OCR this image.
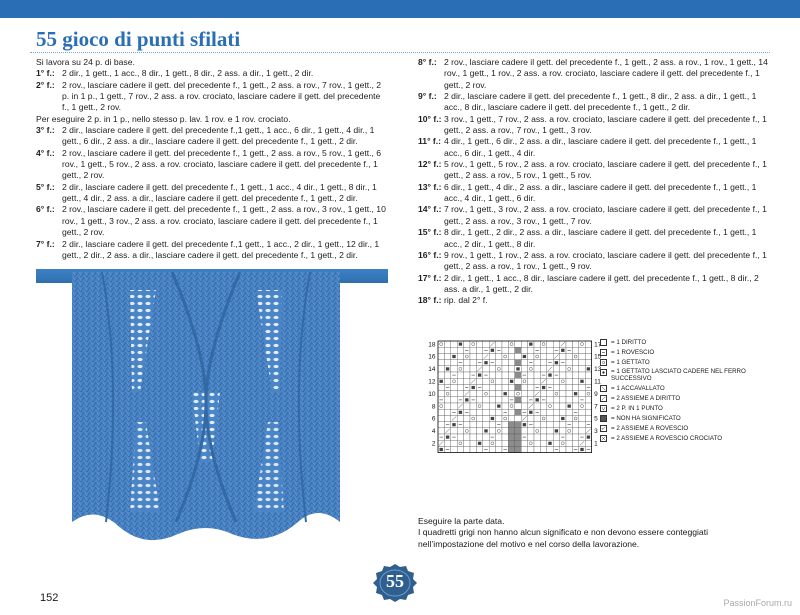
55 gioco di punti sfilati

Si lavora su 24 p. di base.

1° f.: 2 dir., 1 gett., 1 acc., 8 dir., 1 gett., 8 dir., 2 ass. a dir., 1 gett., 2 dir.

2° f.: 2 rov., lasciare cadere il gett. del precedente f., 1 gett., 2 ass. a rov., 7 rov., 1 gett., 2 p. in 1 p., 1 gett., 7 rov., 2 ass. a rov. crociato, lasciare cadere il gett. del precedente f., 1 gett., 2 rov.

Per eseguire 2 p. in 1 p., nello stesso p. lav. 1 rov. e 1 rov. crociato.

3° f.: 2 dir., lasciare cadere il gett. del precedente f.,1 gett., 1 acc., 6 dir., 1 gett., 4 dir., 1 gett., 6 dir., 2 ass. a dir., lasciare cadere il gett. del precedente f., 1 gett., 2 dir.

4° f.: 2 rov., lasciare cadere il gett. del precedente f., 1 gett., 2 ass. a rov., 5 rov., 1 gett., 6 rov., 1 gett., 5 rov., 2 ass. a rov. crociato, lasciare cadere il gett. del precedente f., 1 gett., 2 rov.

5° f.: 2 dir., lasciare cadere il gett. del precedente f., 1 gett., 1 acc., 4 dir., 1 gett., 8 dir., 1 gett., 4 dir., 2 ass. a dir., lasciare cadere il gett. del precedente f., 1 gett., 2 dir.

6° f.: 2 rov., lasciare cadere il gett. del precedente f., 1 gett., 2 ass. a rov., 3 rov., 1 gett., 10 rov., 1 gett., 3 rov., 2 ass. a rov. crociato, lasciare cadere il gett. del precedente f., 1 gett., 2 rov.

7° f.: 2 dir., lasciare cadere il gett. del precedente f.,1 gett., 1 acc., 2 dir., 1 gett., 12 dir., 1 gett., 2 dir., 2 ass. a dir., lasciare cadere il gett. del precedente f., 1 gett., 2 dir.

8° f.: 2 rov., lasciare cadere il gett. del precedente f., 1 gett., 2 ass. a rov., 1 rov., 1 gett., 14 rov., 1 gett., 1 rov., 2 ass. a rov. crociato, lasciare cadere il gett. del precedente f., 1 gett., 2 rov.

9° f.: 2 dir., lasciare cadere il gett. del precedente f., 1 gett., 8 dir., 2 ass. a dir., 1 gett., 1 acc., 8 dir., lasciare cadere il gett. del precedente f., 1 gett., 2 dir.

10° f.: 3 rov., 1 gett., 7 rov., 2 ass. a rov. crociato, lasciare cadere il gett. del precedente f., 1 gett., 2 ass. a rov., 7 rov., 1 gett., 3 rov.

11° f.: 4 dir., 1 gett., 6 dir., 2 ass. a dir., lasciare cadere il gett. del precedente f., 1 gett., 1 acc., 6 dir., 1 gett., 4 dir.

12° f.: 5 rov., 1 gett., 5 rov., 2 ass. a rov. crociato, lasciare cadere il gett. del precedente f., 1 gett., 2 ass. a rov., 5 rov., 1 gett., 5 rov.

13° f.: 6 dir., 1 gett., 4 dir., 2 ass. a dir., lasciare cadere il gett. del precedente f., 1 gett., 1 acc., 4 dir., 1 gett., 6 dir.

14° f.: 7 rov., 1 gett., 3 rov., 2 ass. a rov. crociato, lasciare cadere il gett. del precedente f., 1 gett., 2 ass. a rov., 3 rov., 1 gett., 7 rov.

15° f.: 8 dir., 1 gett., 2 dir., 2 ass. a dir., lasciare cadere il gett. del precedente f., 1 gett., 1 acc., 2 dir., 1 gett., 8 dir.

16° f.: 9 rov., 1 gett., 1 rov., 2 ass. a rov. crociato, lasciare cadere il gett. del precedente f., 1 gett., 2 ass. a rov., 1 rov., 1 gett., 9 rov.

17° f.: 2 dir., 1 gett., 1 acc., 8 dir., lasciare cadere il gett. del precedente f., 1 gett., 8 dir., 2 ass. a dir., 1 gett., 2 dir.

18° f.: rip. dal 2° f.

18
16
14
12
10
8
6
4
2
17
15
13
11
9
7
5
3
1
= 1 DIRITTO
= 1 ROVESCIO
= 1 GETTATO
= 1 GETTATO LASCIATO CADERE NEL FERRO SUCCESSIVO
= 1 ACCAVALLATO
= 2 ASSIEME A DIRITTO
= 2 P. IN 1 PUNTO
= NON HA SIGNIFICATO
= 2 ASSIEME A ROVESCIO
= 2 ASSIEME A ROVESCIO CROCIATO

Eseguire la parte data.

I quadretti grigi non hanno alcun significato e non devono essere conteggiati nell’impostazione del motivo e nel corso della lavorazione.

152
55
PassionForum.ru
